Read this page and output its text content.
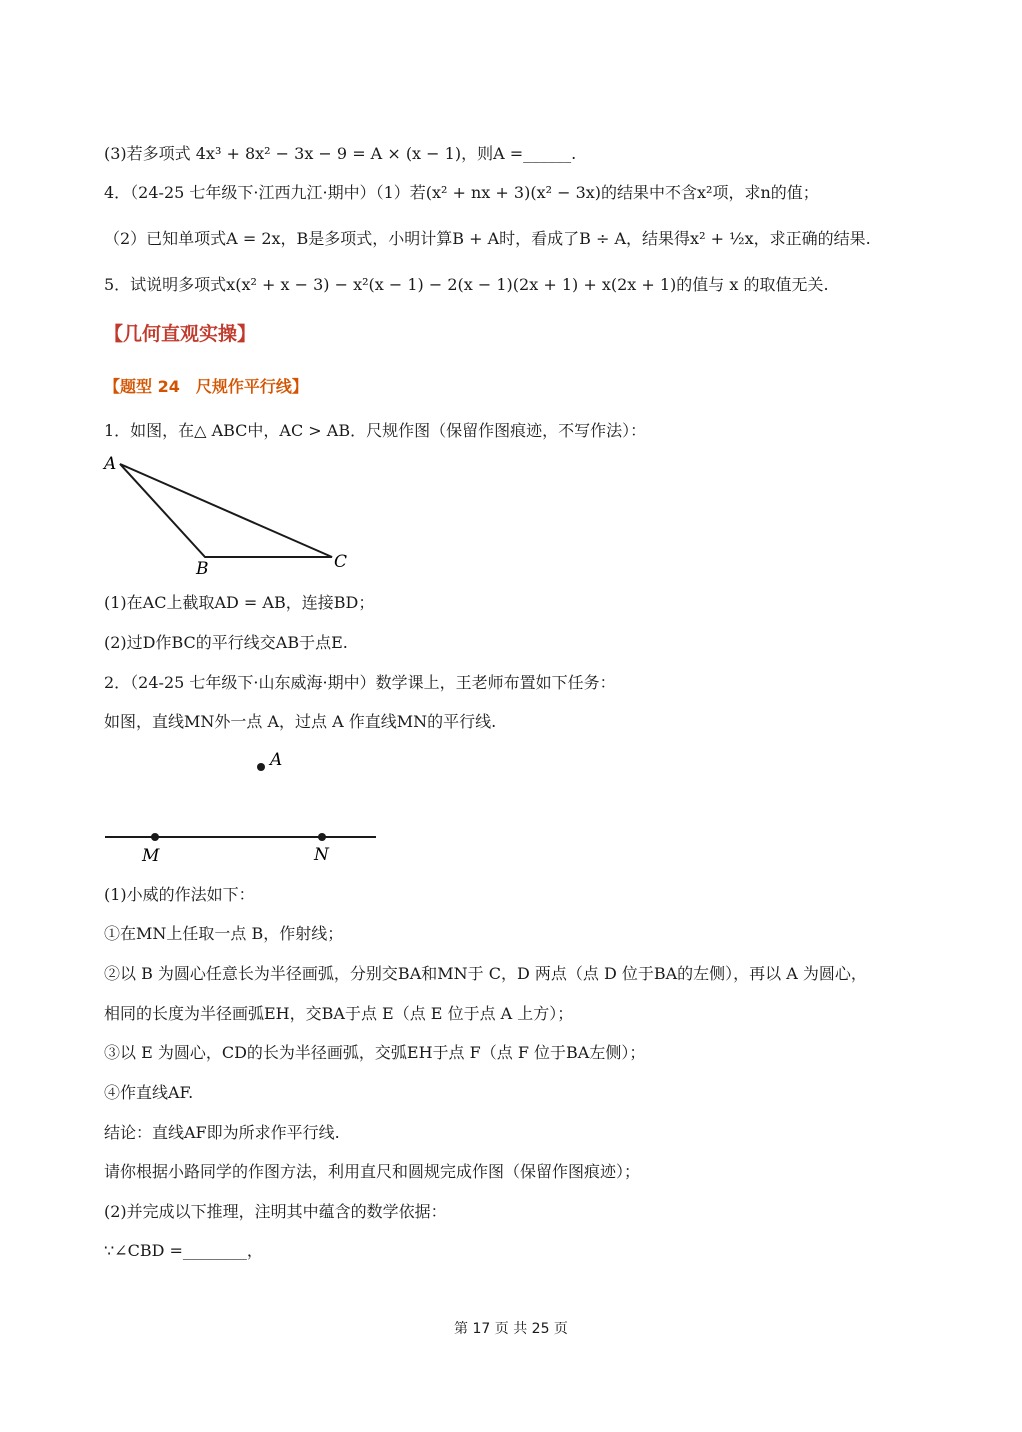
(3)若多项式 4x³ + 8x² − 3x − 9 = A × (x − 1)，则A =______.
4．（24-25 七年级下·江西九江·期中）（1）若(x² + nx + 3)(x² − 3x)的结果中不含x²项，求n的值；
（2）已知单项式A = 2x，B是多项式，小明计算B + A时，看成了B ÷ A，结果得x² + ½x，求正确的结果.
5．试说明多项式x(x² + x − 3) − x²(x − 1) − 2(x − 1)(2x + 1) + x(2x + 1)的值与 x 的取值无关.
【几何直观实操】
【题型 24　尺规作平行线】
1．如图，在△ ABC中，AC > AB．尺规作图（保留作图痕迹，不写作法）：
A
B	C
(1)在AC上截取AD = AB，连接BD；
(2)过D作BC的平行线交AB于点E.
2．（24-25 七年级下·山东威海·期中）数学课上，王老师布置如下任务：
如图，直线MN外一点 A，过点 A 作直线MN的平行线.
A
M	N
(1)小威的作法如下：
①在MN上任取一点 B，作射线；
②以 B 为圆心任意长为半径画弧，分别交BA和MN于 C，D 两点（点 D 位于BA的左侧），再以 A 为圆心，
相同的长度为半径画弧EH，交BA于点 E（点 E 位于点 A 上方）；
③以 E 为圆心，CD的长为半径画弧，交弧EH于点 F（点 F 位于BA左侧）；
④作直线AF.
结论：直线AF即为所求作平行线.
请你根据小路同学的作图方法，利用直尺和圆规完成作图（保留作图痕迹）；
(2)并完成以下推理，注明其中蕴含的数学依据：
∵∠CBD =________，
第 17 页 共 25 页
